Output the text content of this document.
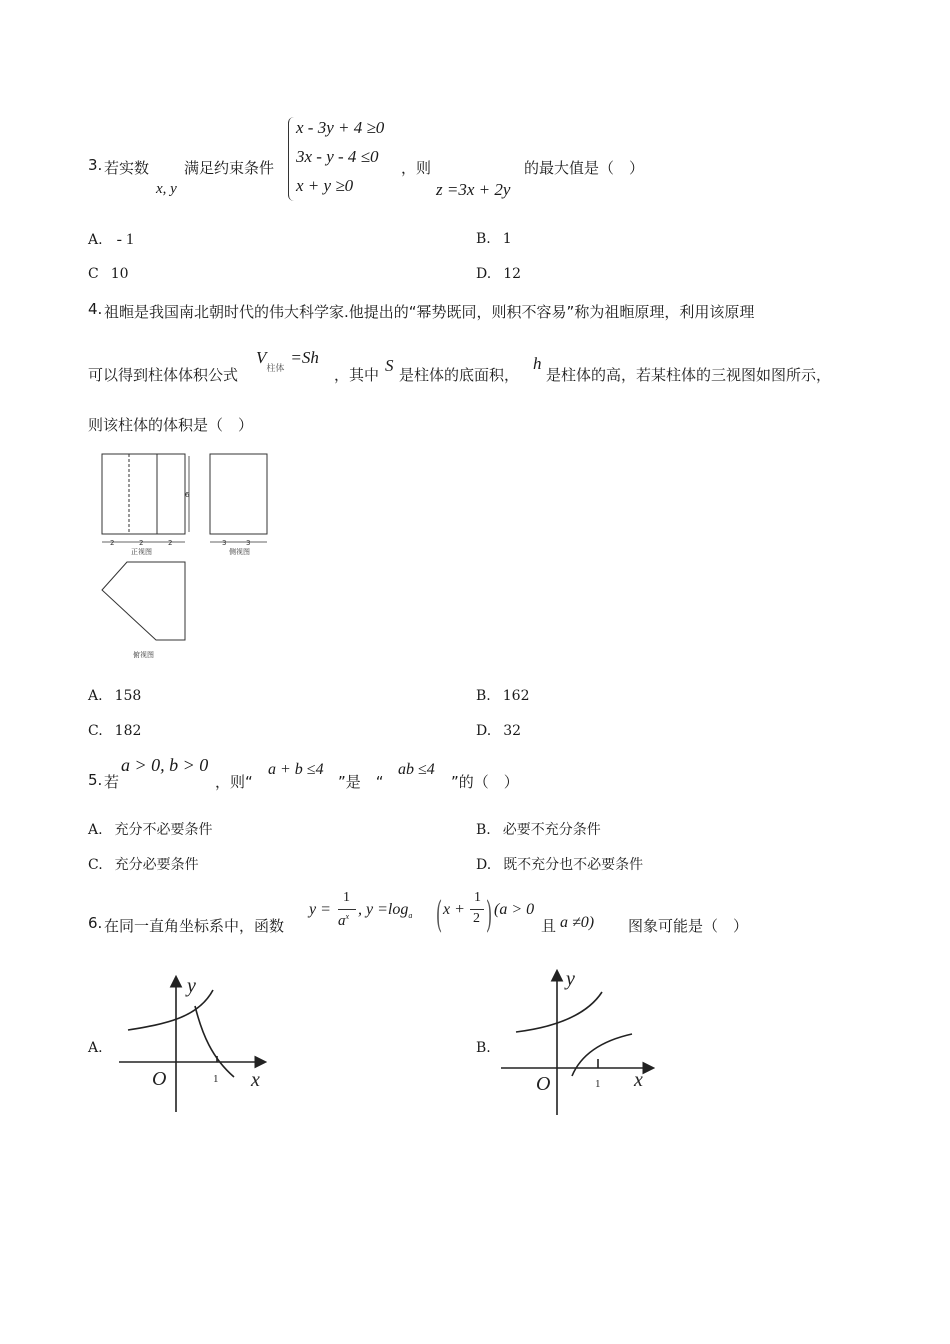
3. 若实数
x, y
满足约束条件
x - 3y + 4 ≥0
3x - y - 4 ≤0
x + y ≥0
，则
z =3x + 2y
的最大值是（　）
A. - 1	B. 1
C 10	D. 12
4. 祖暅是我国南北朝时代的伟大科学家.他提出的“幂势既同，则积不容易”称为祖暅原理，利用该原理
可以得到柱体体积公式
$V_{柱体}=Sh$
，其中 S 是柱体的底面积，
h
是柱体的高，若某柱体的三视图如图所示，
则该柱体的体积是（　）
2	2	2
6
3	3
正视图	侧视图
俯视图
A. 158	B. 162
C. 182	D. 32
5. 若
a > 0, b > 0
，则“
a + b ≤4
”是　“
ab ≤4
”的（　）
A. 充分不必要条件	B. 必要不充分条件
C. 充分必要条件	D. 既不充分也不必要条件
6. 在同一直角坐标系中，函数
y =
1
$a^x$ , $y =\log_a$ ( x +
1
2 ) (a > 0
且 a ≠0) 图象可能是（　）
A.
y
x
O	1
B.
y
x
O	1
